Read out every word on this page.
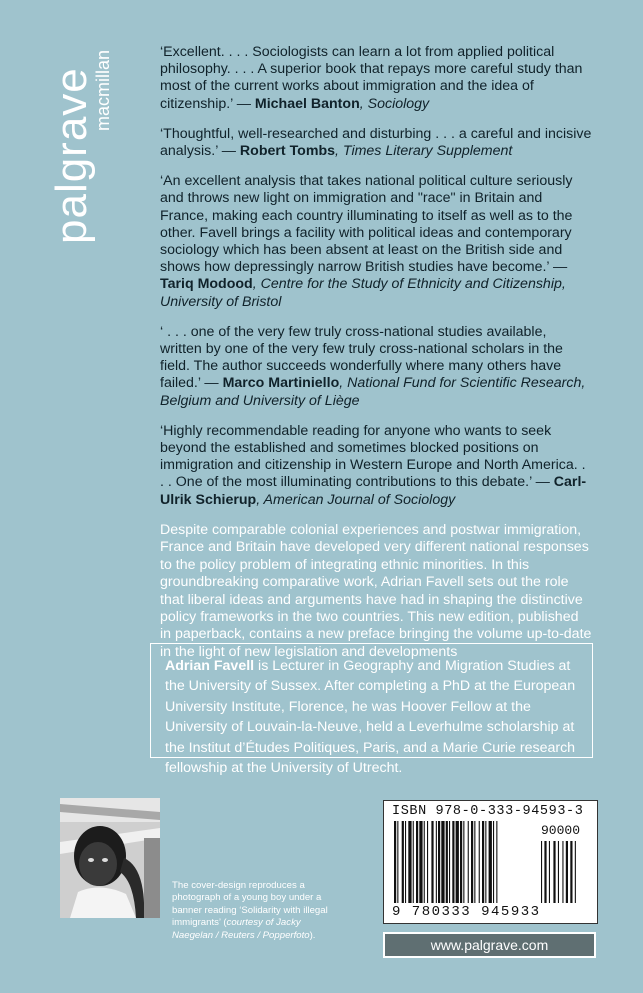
palgrave
macmillan	‘Excellent. . . . Sociologists can learn a lot from applied political philosophy. . . . A superior book that repays more careful study than most of the current works about immigration and the idea of citizenship.’ — Michael Banton, Sociology

‘Thoughtful, well-researched and disturbing . . . a careful and incisive analysis.’ — Robert Tombs, Times Literary Supplement

‘An excellent analysis that takes national political culture seriously and throws new light on immigration and "race" in Britain and France, making each country illuminating to itself as well as to the other. Favell brings a facility with political ideas and contemporary sociology which has been absent at least on the British side and shows how depressingly narrow British studies have become.’ — Tariq Modood, Centre for the Study of Ethnicity and Citizenship, University of Bristol

‘ . . . one of the very few truly cross-national studies available, written by one of the very few truly cross-national scholars in the field. The author succeeds wonderfully where many others have failed.’ — Marco Martiniello, National Fund for Scientific Research, Belgium and University of Liège

‘Highly recommendable reading for anyone who wants to seek beyond the established and sometimes blocked positions on immigration and citizenship in Western Europe and North America. . . . One of the most illuminating contributions to this debate.’ — Carl-Ulrik Schierup, American Journal of Sociology

Despite comparable colonial experiences and postwar immigration, France and Britain have developed very different national responses to the policy problem of integrating ethnic minorities. In this groundbreaking comparative work, Adrian Favell sets out the role that liberal ideas and arguments have had in shaping the distinctive policy frameworks in the two countries. This new edition, published in paperback, contains a new preface bringing the volume up-to-date in the light of new legislation and developments

Adrian Favell is Lecturer in Geography and Migration Studies at the University of Sussex. After completing a PhD at the European University Institute, Florence, he was Hoover Fellow at the University of Louvain-la-Neuve, held a Leverhulme scholarship at the Institut d’Études Politiques, Paris, and a Marie Curie research fellowship at the University of Utrecht.
The cover-design reproduces a photograph of a young boy under a banner reading ‘Solidarity with illegal immigrants’ (courtesy of Jacky Naegelan / Reuters / Popperfoto).
ISBN 978-0-333-94593-3
90000
9 780333 945933
www.palgrave.com
